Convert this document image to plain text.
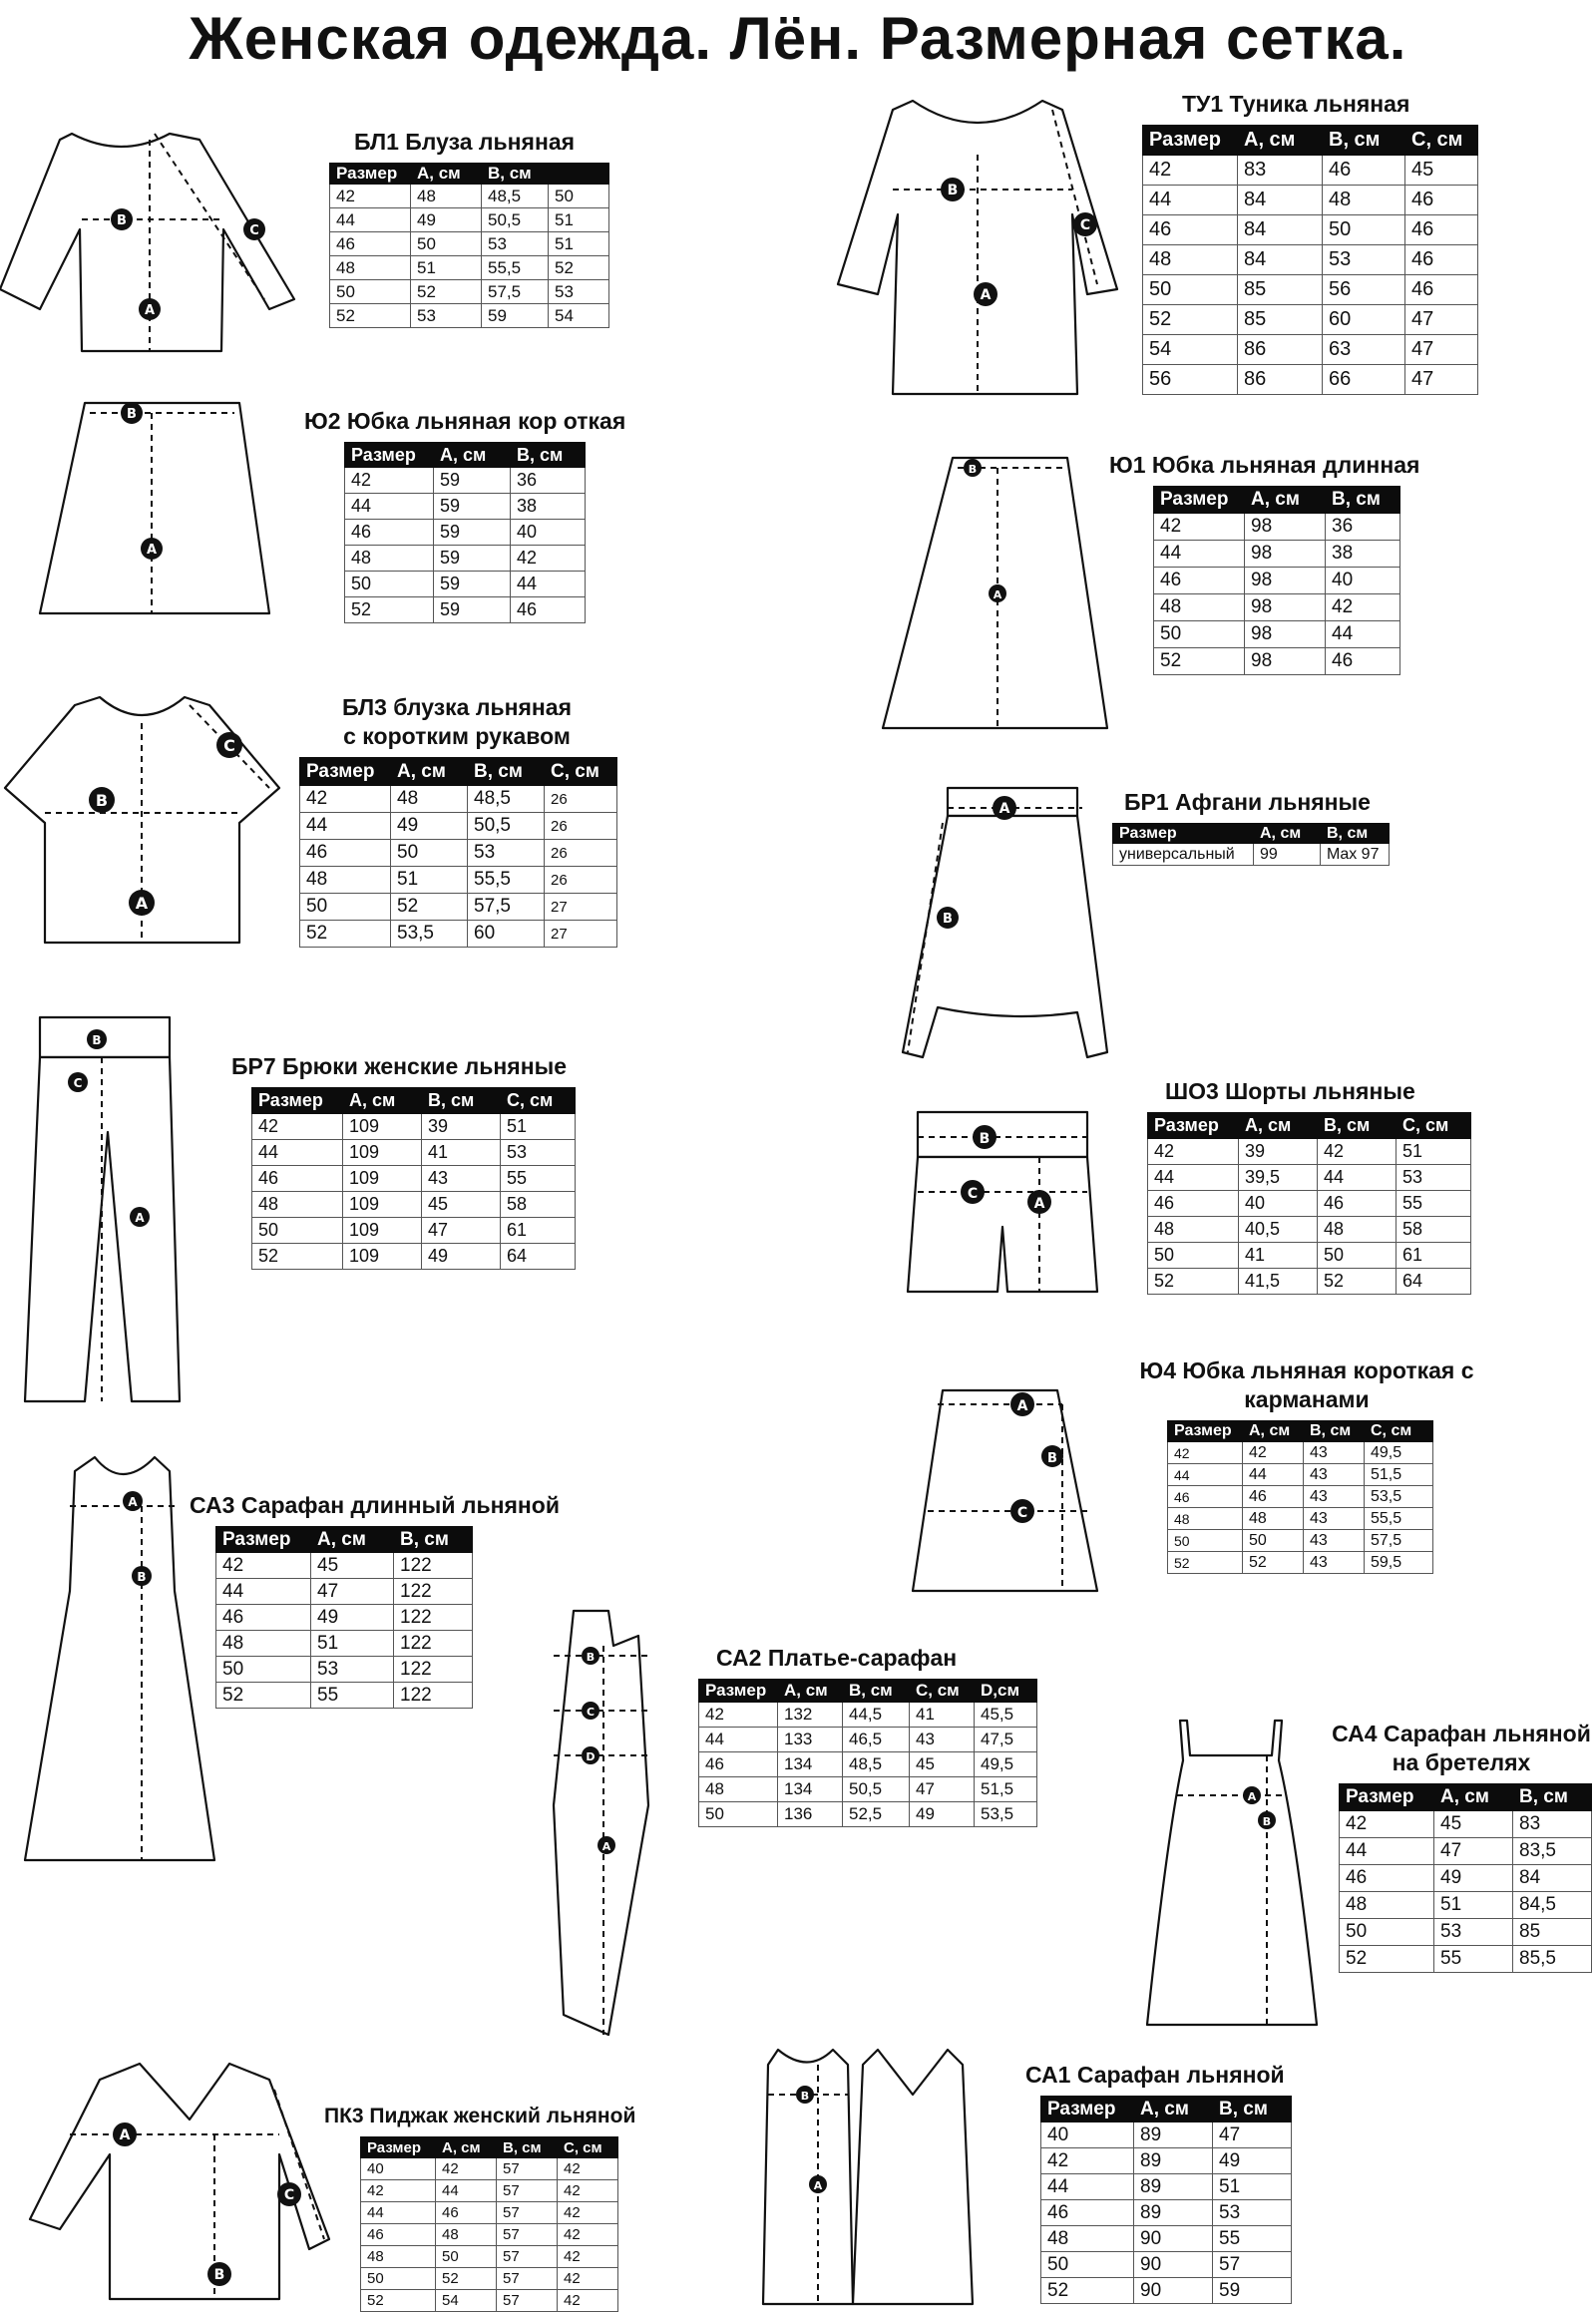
Женская одежда. Лён. Размерная сетка.
B
A
C
B
A
B
A
C
B
C
A
A
B
A
B
C
B
A
C
B
A
A
B
B
C
A
A
B
C
B
C
D
A
A
B
B
A
БЛ1 Блуза льняная
Размер	А, см	В, см	
42	48	48,5	50
44	49	50,5	51
46	50	53	51
48	51	55,5	52
50	52	57,5	53
52	53	59	54
ТУ1 Туника льняная
Размер	А, см	В, см	С, см
42	83	46	45
44	84	48	46
46	84	50	46
48	84	53	46
50	85	56	46
52	85	60	47
54	86	63	47
56	86	66	47
Ю2 Юбка льняная кор откая
Размер	А, см	В, см
42	59	36
44	59	38
46	59	40
48	59	42
50	59	44
52	59	46
Ю1 Юбка льняная длинная
Размер	А, см	В, см
42	98	36
44	98	38
46	98	40
48	98	42
50	98	44
52	98	46
БЛ3 блузка льняная
с коротким рукавом
Размер	А, см	В, см	С, см
42	48	48,5	26
44	49	50,5	26
46	50	53	26
48	51	55,5	26
50	52	57,5	27
52	53,5	60	27
БР1 Афгани льняные
Размер	А, см	В, см
универсальный	99	Max 97
БР7 Брюки женские льняные
Размер	А, см	В, см	С, см
42	109	39	51
44	109	41	53
46	109	43	55
48	109	45	58
50	109	47	61
52	109	49	64
ШО3 Шорты льняные
Размер	А, см	В, см	С, см
42	39	42	51
44	39,5	44	53
46	40	46	55
48	40,5	48	58
50	41	50	61
52	41,5	52	64
Ю4 Юбка льняная короткая с
карманами
Размер	А, см	В, см	С, см
42	42	43	49,5
44	44	43	51,5
46	46	43	53,5
48	48	43	55,5
50	50	43	57,5
52	52	43	59,5
СА3 Сарафан длинный льняной
Размер	А, см	В, см
42	45	122
44	47	122
46	49	122
48	51	122
50	53	122
52	55	122
СА2 Платье-сарафан
Размер	А, см	В, см	С, см	D,см
42	132	44,5	41	45,5
44	133	46,5	43	47,5
46	134	48,5	45	49,5
48	134	50,5	47	51,5
50	136	52,5	49	53,5
СА4 Сарафан льняной
на бретелях
Размер	А, см	В, см
42	45	83
44	47	83,5
46	49	84
48	51	84,5
50	53	85
52	55	85,5
ПК3 Пиджак женский льняной
Размер	А, см	В, см	С, см
40	42	57	42
42	44	57	42
44	46	57	42
46	48	57	42
48	50	57	42
50	52	57	42
52	54	57	42
СА1 Сарафан льняной
Размер	А, см	В, см
40	89	47
42	89	49
44	89	51
46	89	53
48	90	55
50	90	57
52	90	59
